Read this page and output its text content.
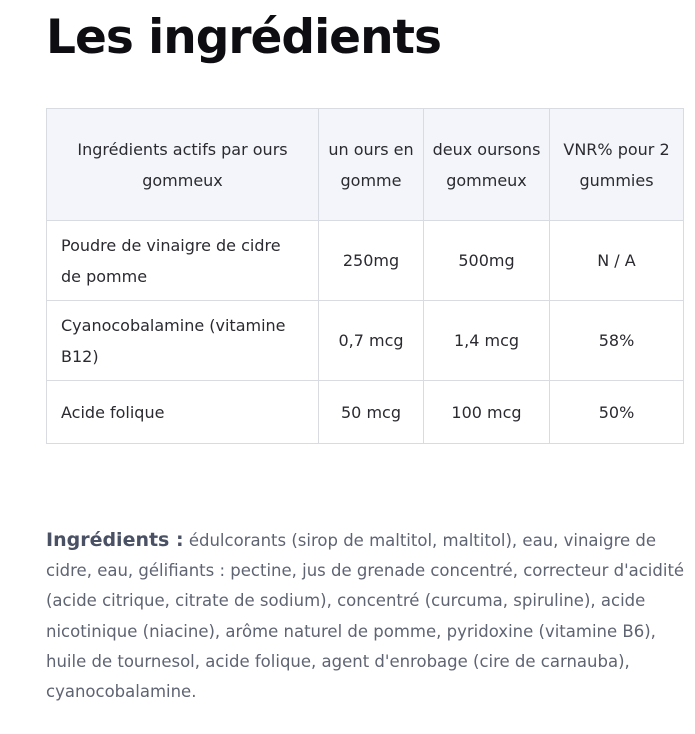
Les ingrédients
Ingrédients actifs par ours gommeux	un ours en gomme	deux oursons gommeux	VNR% pour 2 gummies
Poudre de vinaigre de cidre de pomme	250mg	500mg	N / A
Cyanocobalamine (vitamine B12)	0,7 mcg	1,4 mcg	58%
Acide folique	50 mcg	100 mcg	50%

Ingrédients : édulcorants (sirop de maltitol, maltitol), eau, vinaigre de cidre, eau, gélifiants : pectine, jus de grenade concentré, correcteur d'acidité (acide citrique, citrate de sodium), concentré (curcuma, spiruline), acide nicotinique (niacine), arôme naturel de pomme, pyridoxine (vitamine B6), huile de tournesol, acide folique, agent d'enrobage (cire de carnauba), cyanocobalamine.
